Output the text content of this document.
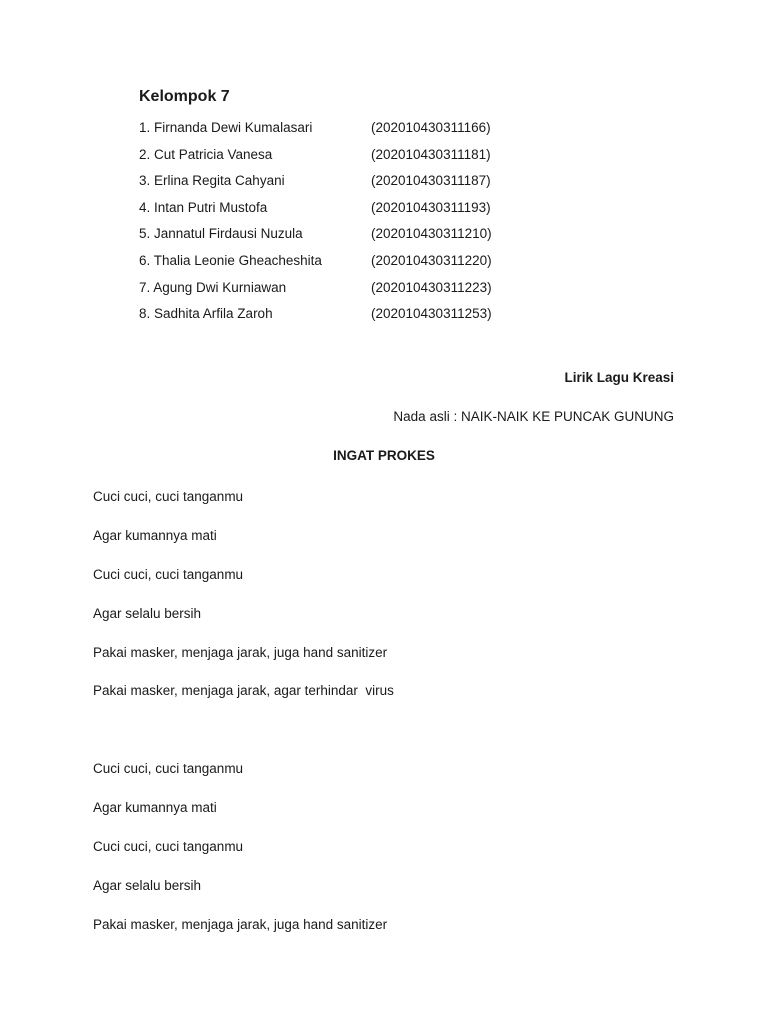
Kelompok 7
1. Firnanda Dewi Kumalasari	(202010430311166)
2. Cut Patricia Vanesa	(202010430311181)
3. Erlina Regita Cahyani	(202010430311187)
4. Intan Putri Mustofa	(202010430311193)
5. Jannatul Firdausi Nuzula	(202010430311210)
6. Thalia Leonie Gheacheshita	(202010430311220)
7. Agung Dwi Kurniawan	(202010430311223)
8. Sadhita Arfila Zaroh	(202010430311253)
Lirik Lagu Kreasi
Nada asli : NAIK-NAIK KE PUNCAK GUNUNG
INGAT PROKES
Cuci cuci, cuci tanganmu
Agar kumannya mati
Cuci cuci, cuci tanganmu
Agar selalu bersih
Pakai masker, menjaga jarak, juga hand sanitizer
Pakai masker, menjaga jarak, agar terhindar  virus
Cuci cuci, cuci tanganmu
Agar kumannya mati
Cuci cuci, cuci tanganmu
Agar selalu bersih
Pakai masker, menjaga jarak, juga hand sanitizer
